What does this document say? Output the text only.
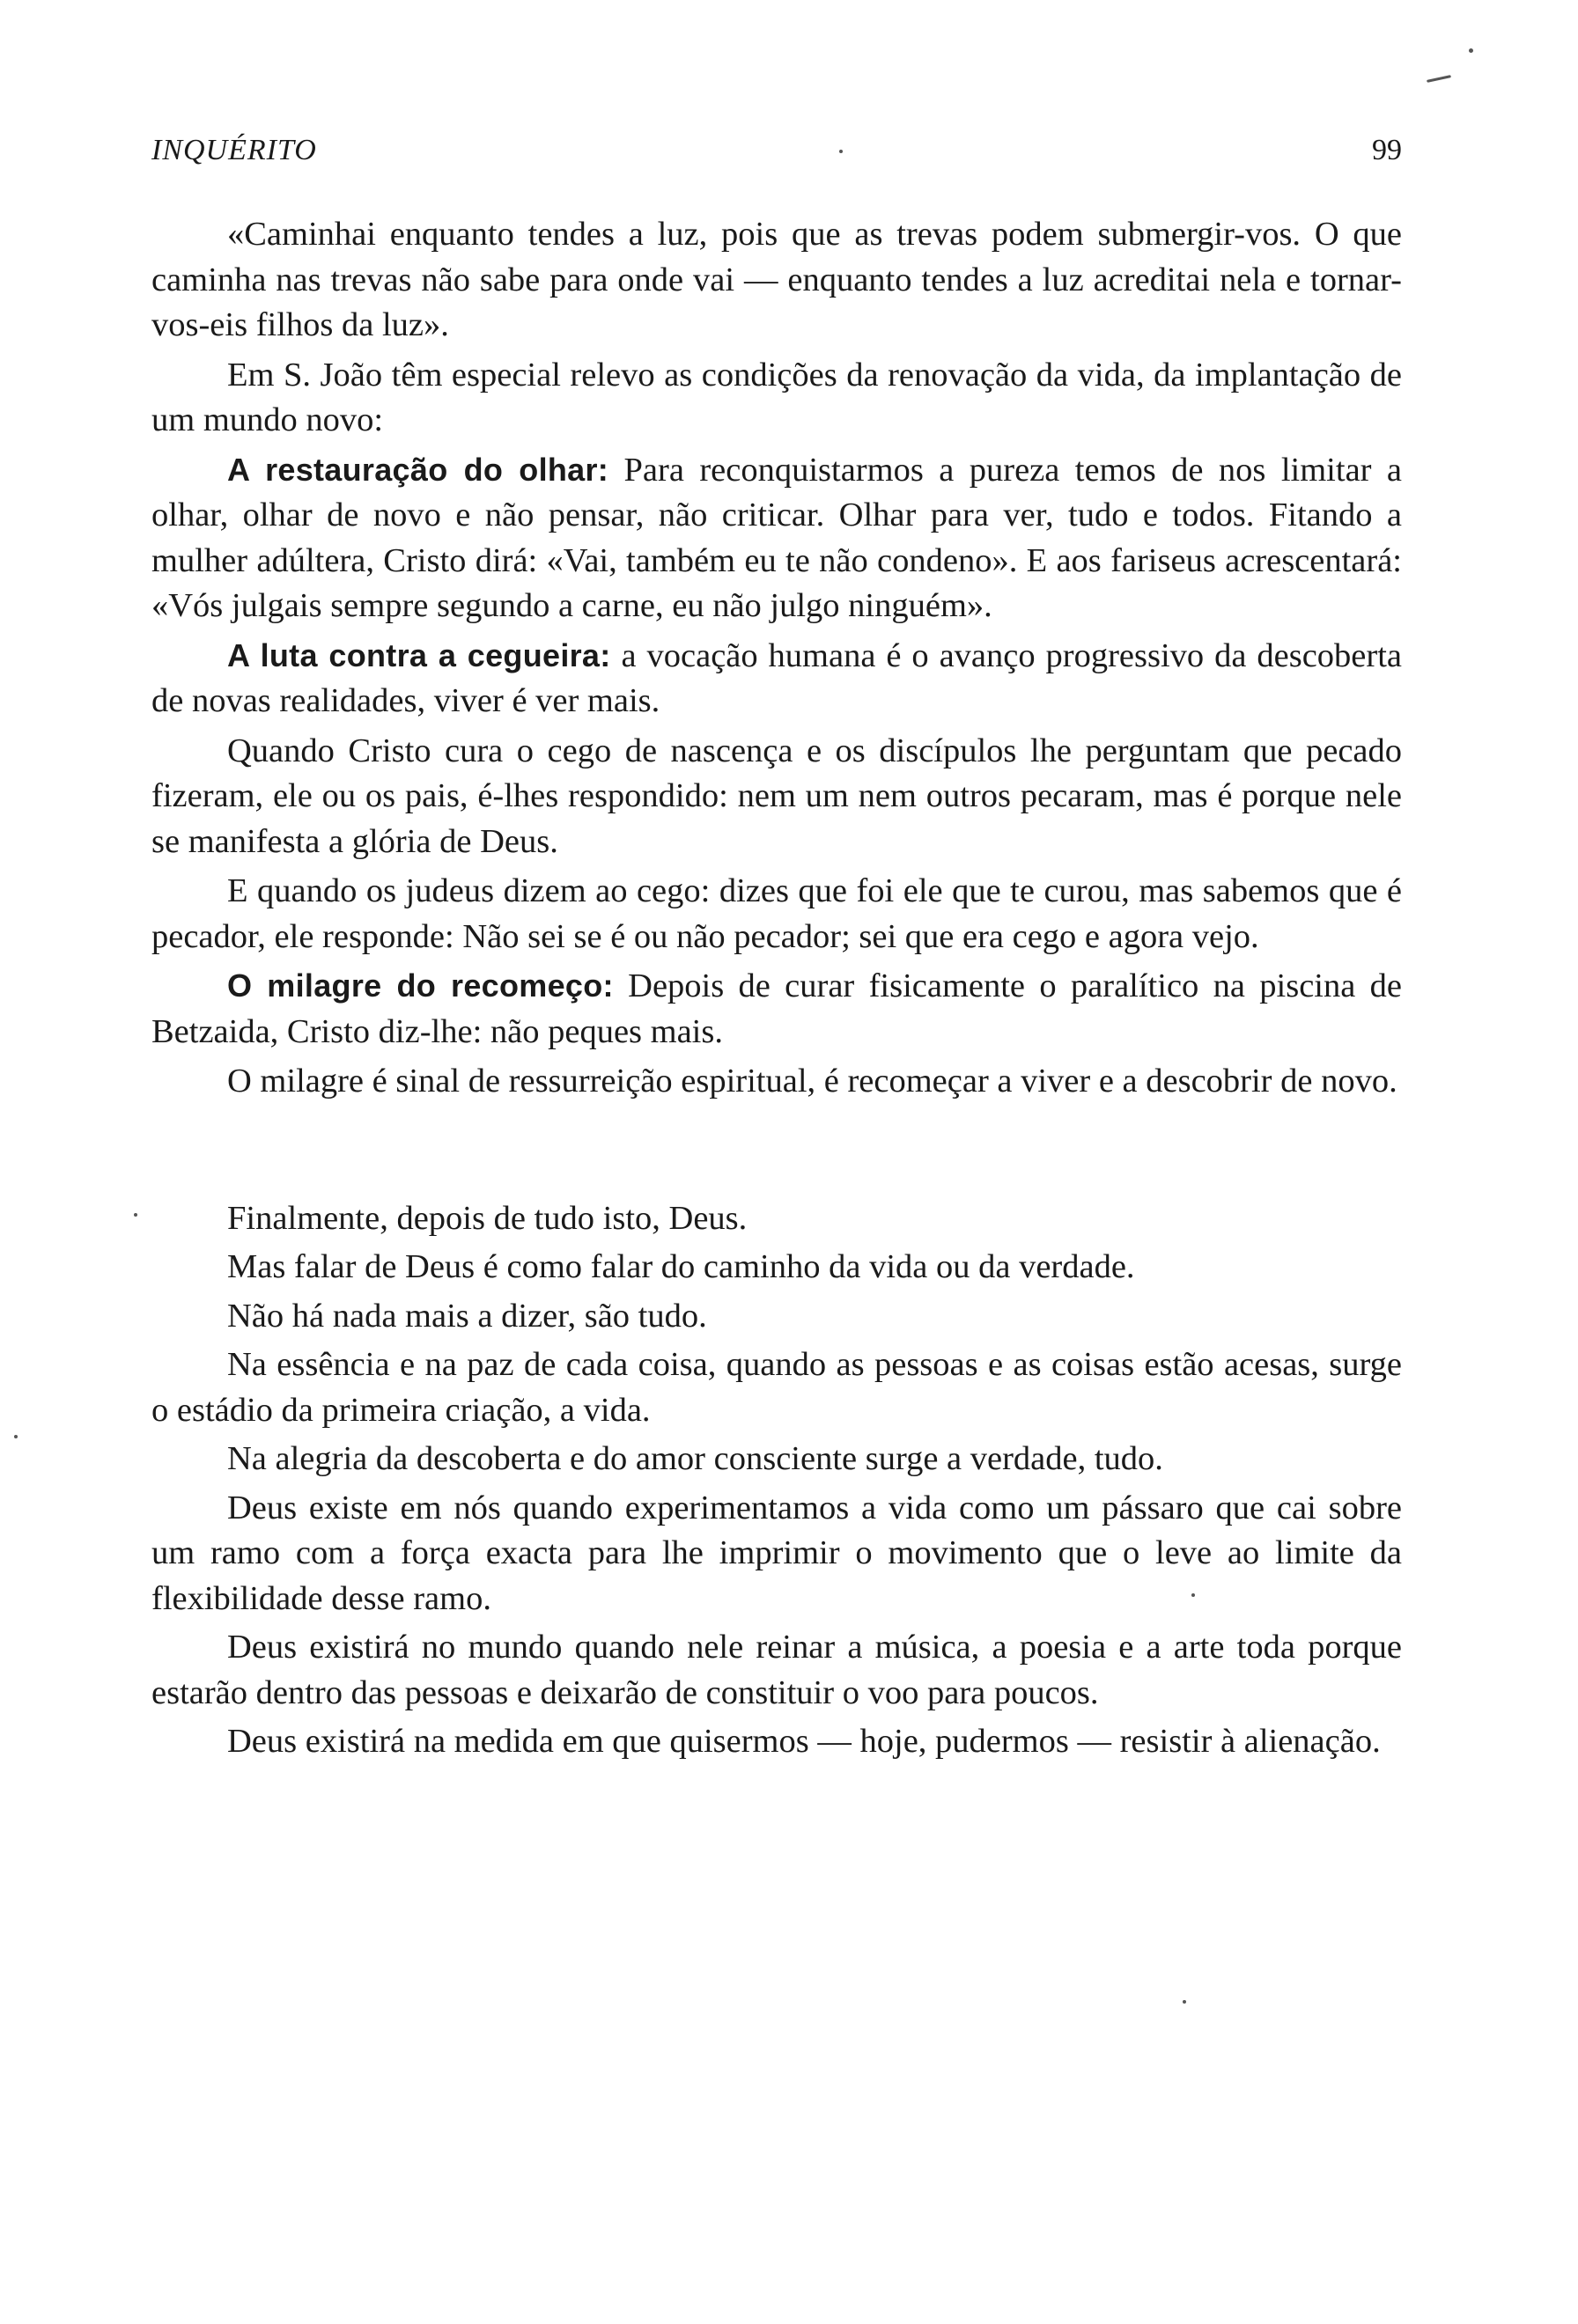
INQUÉRITO	99

«Caminhai enquanto tendes a luz, pois que as trevas podem submergir-vos. O que caminha nas trevas não sabe para onde vai — enquanto tendes a luz acreditai nela e tornar-vos-eis filhos da luz».

Em S. João têm especial relevo as condições da renovação da vida, da implantação de um mundo novo:

A restauração do olhar: Para reconquistarmos a pureza temos de nos limitar a olhar, olhar de novo e não pensar, não criticar. Olhar para ver, tudo e todos. Fitando a mulher adúltera, Cristo dirá: «Vai, também eu te não condeno». E aos fariseus acrescentará: «Vós julgais sempre segundo a carne, eu não julgo ninguém».

A luta contra a cegueira: a vocação humana é o avanço progressivo da descoberta de novas realidades, viver é ver mais.

Quando Cristo cura o cego de nascença e os discípulos lhe perguntam que pecado fizeram, ele ou os pais, é-lhes respondido: nem um nem outros pecaram, mas é porque nele se manifesta a glória de Deus.

E quando os judeus dizem ao cego: dizes que foi ele que te curou, mas sabemos que é pecador, ele responde: Não sei se é ou não pecador; sei que era cego e agora vejo.

O milagre do recomeço: Depois de curar fisicamente o paralítico na piscina de Betzaida, Cristo diz-lhe: não peques mais.

O milagre é sinal de ressurreição espiritual, é recomeçar a viver e a descobrir de novo.

Finalmente, depois de tudo isto, Deus.

Mas falar de Deus é como falar do caminho da vida ou da verdade.

Não há nada mais a dizer, são tudo.

Na essência e na paz de cada coisa, quando as pessoas e as coisas estão acesas, surge o estádio da primeira criação, a vida.

Na alegria da descoberta e do amor consciente surge a verdade, tudo.

Deus existe em nós quando experimentamos a vida como um pássaro que cai sobre um ramo com a força exacta para lhe imprimir o movimento que o leve ao limite da flexibilidade desse ramo.

Deus existirá no mundo quando nele reinar a música, a poesia e a arte toda porque estarão dentro das pessoas e deixarão de constituir o voo para poucos.

Deus existirá na medida em que quisermos — hoje, pudermos — resistir à alienação.
